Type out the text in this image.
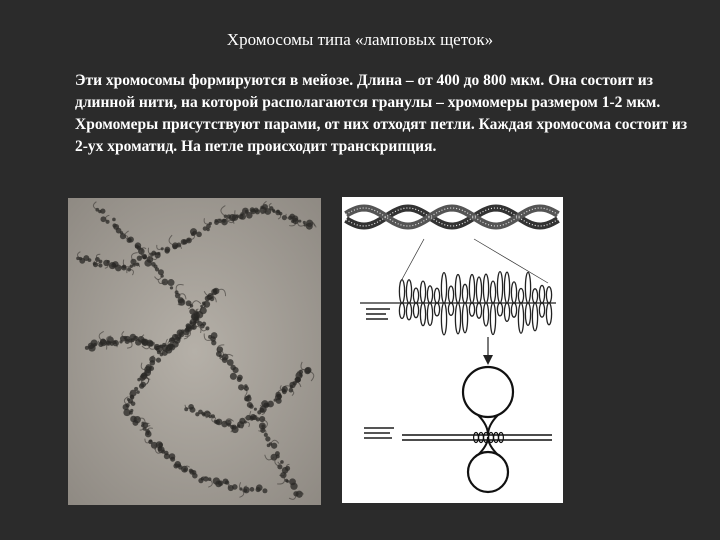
Хромосомы типа «ламповых щеток»

Эти хромосомы формируются в мейозе. Длина – от 400 до 800 мкм. Она состоит из длинной нити, на которой располагаются гранулы – хромомеры размером 1-2 мкм. Хромомеры присутствуют парами, от них отходят петли. Каждая хромосома состоит из 2-ух хроматид. На петле происходит транскрипция.
